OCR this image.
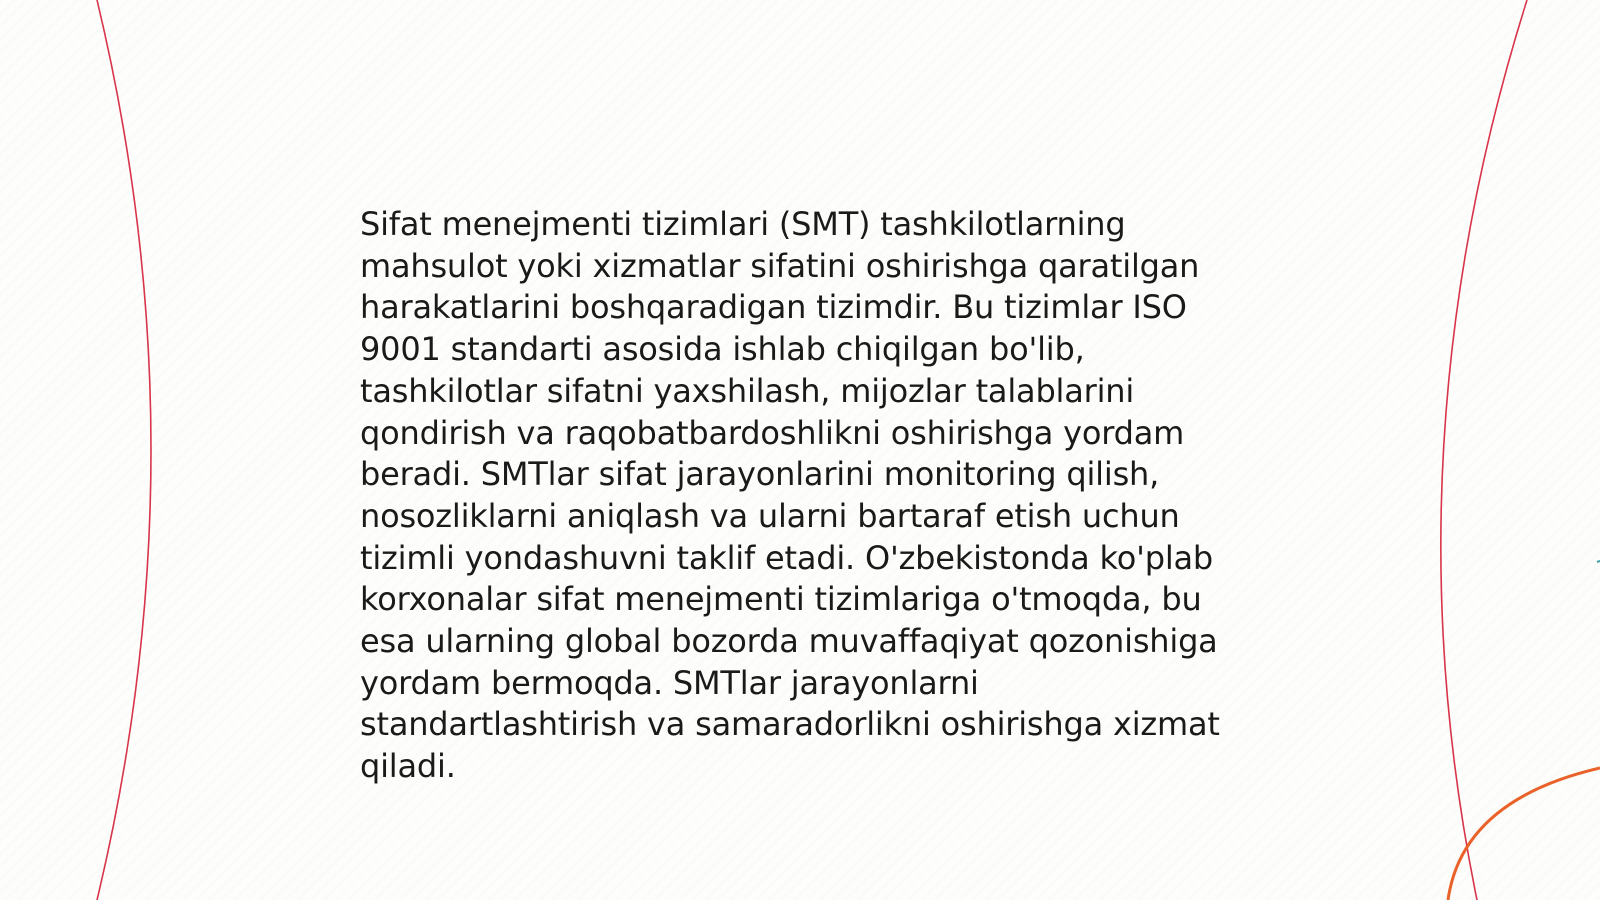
Sifat menejmenti tizimlari (SMT) tashkilotlarning mahsulot yoki xizmatlar sifatini oshirishga qaratilgan harakatlarini boshqaradigan tizimdir. Bu tizimlar ISO 9001 standarti asosida ishlab chiqilgan bo'lib, tashkilotlar sifatni yaxshilash, mijozlar talablarini qondirish va raqobatbardoshlikni oshirishga yordam beradi. SMTlar sifat jarayonlarini monitoring qilish, nosozliklarni aniqlash va ularni bartaraf etish uchun tizimli yondashuvni taklif etadi. O'zbekistonda ko'plab korxonalar sifat menejmenti tizimlariga o'tmoqda, bu esa ularning global bozorda muvaffaqiyat qozonishiga yordam bermoqda. SMTlar jarayonlarni standartlashtirish va samaradorlikni oshirishga xizmat qiladi.
